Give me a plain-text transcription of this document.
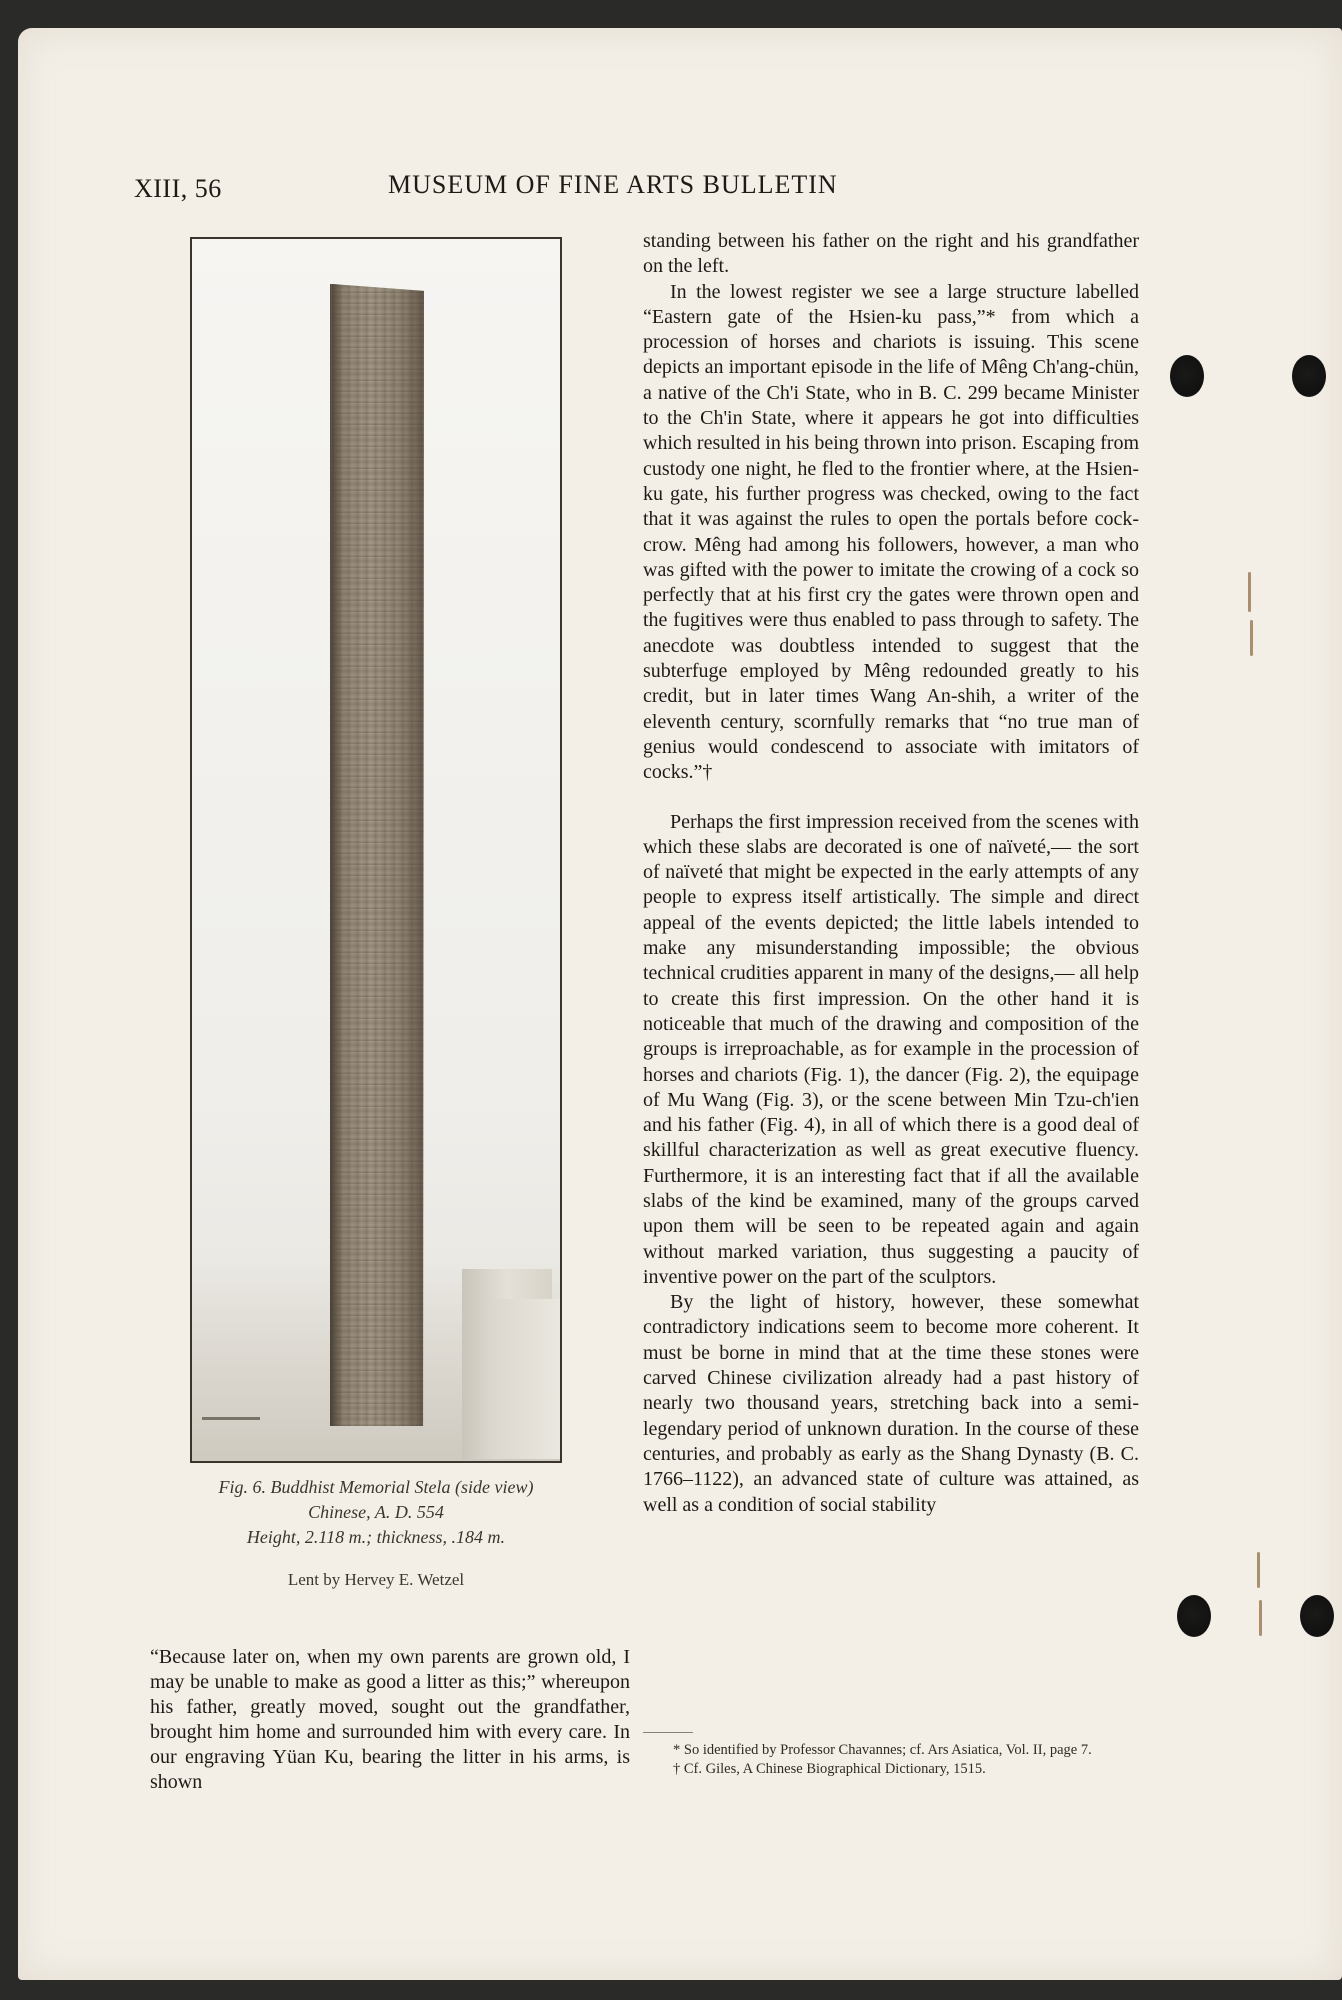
XIII, 56	MUSEUM OF FINE ARTS BULLETIN
Fig. 6. Buddhist Memorial Stela (side view)
Chinese, A. D. 554
Height, 2.118 m.; thickness, .184 m.
Lent by Hervey E. Wetzel
“Because later on, when my own parents are grown old, I may be unable to make as good a litter as this;” whereupon his father, greatly moved, sought out the grandfather, brought him home and surrounded him with every care. In our engraving Yüan Ku, bearing the litter in his arms, is shown

standing between his father on the right and his grandfather on the left.

In the lowest register we see a large structure labelled “Eastern gate of the Hsien-ku pass,”* from which a procession of horses and chariots is issuing. This scene depicts an important episode in the life of Mêng Ch'ang-chün, a native of the Ch'i State, who in B. C. 299 became Minister to the Ch'in State, where it appears he got into difficulties which resulted in his being thrown into prison. Escaping from custody one night, he fled to the frontier where, at the Hsien-ku gate, his further progress was checked, owing to the fact that it was against the rules to open the portals before cock-crow. Mêng had among his followers, however, a man who was gifted with the power to imitate the crowing of a cock so perfectly that at his first cry the gates were thrown open and the fugitives were thus enabled to pass through to safety. The anecdote was doubtless intended to suggest that the subterfuge employed by Mêng redounded greatly to his credit, but in later times Wang An-shih, a writer of the eleventh century, scornfully remarks that “no true man of genius would condescend to associate with imitators of cocks.”†

Perhaps the first impression received from the scenes with which these slabs are decorated is one of naïveté,— the sort of naïveté that might be expected in the early attempts of any people to express itself artistically. The simple and direct appeal of the events depicted; the little labels intended to make any misunderstanding impossible; the obvious technical crudities apparent in many of the designs,— all help to create this first impression. On the other hand it is noticeable that much of the drawing and composition of the groups is irreproachable, as for example in the procession of horses and chariots (Fig. 1), the dancer (Fig. 2), the equipage of Mu Wang (Fig. 3), or the scene between Min Tzu-ch'ien and his father (Fig. 4), in all of which there is a good deal of skillful characterization as well as great executive fluency. Furthermore, it is an interesting fact that if all the available slabs of the kind be examined, many of the groups carved upon them will be seen to be repeated again and again without marked variation, thus suggesting a paucity of inventive power on the part of the sculptors.

By the light of history, however, these somewhat contradictory indications seem to become more coherent. It must be borne in mind that at the time these stones were carved Chinese civilization already had a past history of nearly two thousand years, stretching back into a semi-legendary period of unknown duration. In the course of these centuries, and probably as early as the Shang Dynasty (B. C. 1766–1122), an advanced state of culture was attained, as well as a condition of social stability

* So identified by Professor Chavannes; cf. Ars Asiatica, Vol. II, page 7.

† Cf. Giles, A Chinese Biographical Dictionary, 1515.
